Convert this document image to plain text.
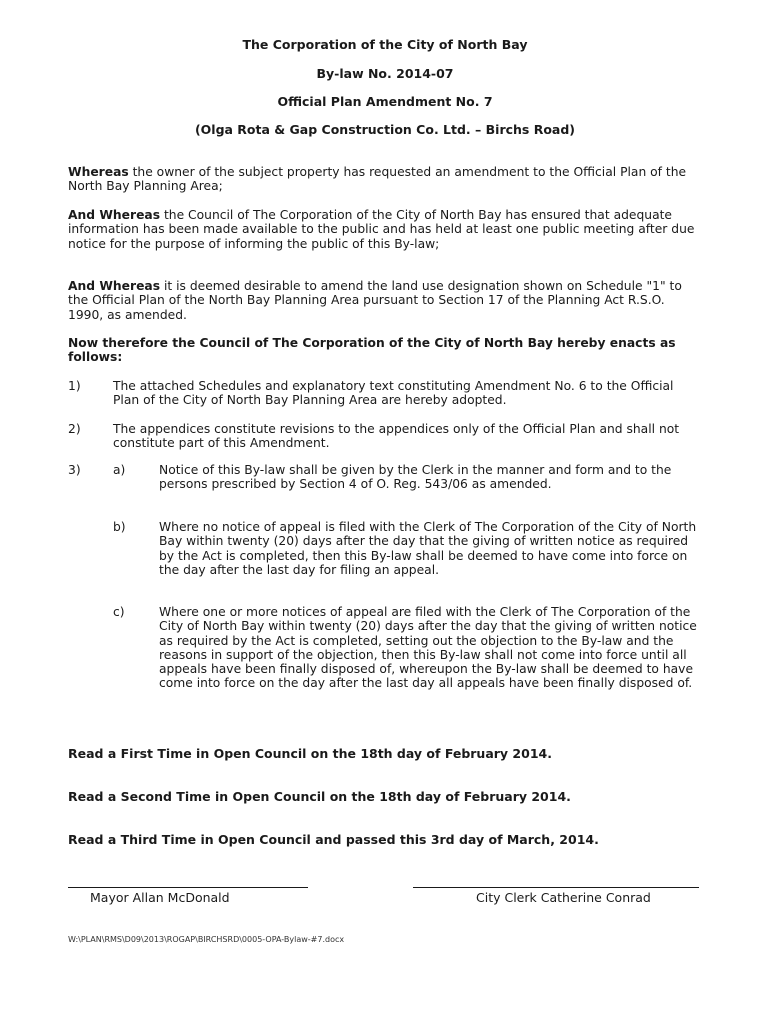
The Corporation of the City of North Bay
By-law No. 2014-07
Official Plan Amendment No. 7
(Olga Rota & Gap Construction Co. Ltd. – Birchs Road)
Whereas the owner of the subject property has requested an amendment to the Official Plan of the North Bay Planning Area;
And Whereas the Council of The Corporation of the City of North Bay has ensured that adequate information has been made available to the public and has held at least one public meeting after due notice for the purpose of informing the public of this By-law;
And Whereas it is deemed desirable to amend the land use designation shown on Schedule "1" to the Official Plan of the North Bay Planning Area pursuant to Section 17 of the Planning Act R.S.O. 1990, as amended.
Now therefore the Council of The Corporation of the City of North Bay hereby enacts as follows:
1)	The attached Schedules and explanatory text constituting Amendment No. 6 to the Official Plan of the City of North Bay Planning Area are hereby adopted.
2)	The appendices constitute revisions to the appendices only of the Official Plan and shall not constitute part of this Amendment.
3)	a)	Notice of this By-law shall be given by the Clerk in the manner and form and to the persons prescribed by Section 4 of O. Reg. 543/06 as amended.
b)	Where no notice of appeal is filed with the Clerk of The Corporation of the City of North Bay within twenty (20) days after the day that the giving of written notice as required by the Act is completed, then this By-law shall be deemed to have come into force on the day after the last day for filing an appeal.
c)	Where one or more notices of appeal are filed with the Clerk of The Corporation of the City of North Bay within twenty (20) days after the day that the giving of written notice as required by the Act is completed, setting out the objection to the By-law and the reasons in support of the objection, then this By-law shall not come into force until all appeals have been finally disposed of, whereupon the By-law shall be deemed to have come into force on the day after the last day all appeals have been finally disposed of.
Read a First Time in Open Council on the 18th day of February 2014.
Read a Second Time in Open Council on the 18th day of February 2014.
Read a Third Time in Open Council and passed this 3rd day of March, 2014.
Mayor Allan McDonald	City Clerk Catherine Conrad
W:\PLAN\RMS\D09\2013\ROGAP\BIRCHSRD\0005-OPA-Bylaw-#7.docx
